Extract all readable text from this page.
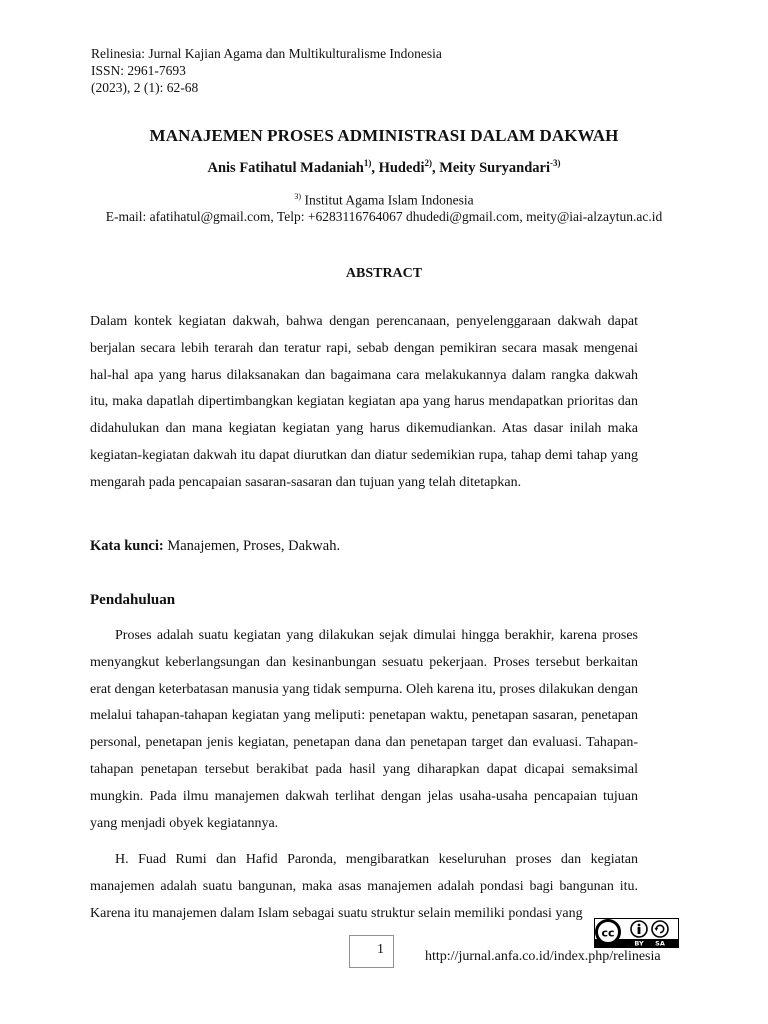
Relinesia: Jurnal Kajian Agama dan Multikulturalisme Indonesia
ISSN: 2961-7693
(2023), 2 (1): 62-68
MANAJEMEN PROSES ADMINISTRASI DALAM DAKWAH
Anis Fatihatul Madaniah$^{1)}$, Hudedi$^{2)}$, Meity Suryandari$^{-3)}$
$^{3)}$ Institut Agama Islam Indonesia
E-mail: afatihatul@gmail.com, Telp: +6283116764067 dhudedi@gmail.com, meity@iai-alzaytun.ac.id
ABSTRACT
Dalam kontek kegiatan dakwah, bahwa dengan perencanaan, penyelenggaraan dakwah dapat berjalan secara lebih terarah dan teratur rapi, sebab dengan pemikiran secara masak mengenai hal-hal apa yang harus dilaksanakan dan bagaimana cara melakukannya dalam rangka dakwah itu, maka dapatlah dipertimbangkan kegiatan kegiatan apa yang harus mendapatkan prioritas dan didahulukan dan mana kegiatan kegiatan yang harus dikemudiankan. Atas dasar inilah maka kegiatan-kegiatan dakwah itu dapat diurutkan dan diatur sedemikian rupa, tahap demi tahap yang mengarah pada pencapaian sasaran-sasaran dan tujuan yang telah ditetapkan.
Kata kunci: Manajemen, Proses, Dakwah.
Pendahuluan
Proses adalah suatu kegiatan yang dilakukan sejak dimulai hingga berakhir, karena proses menyangkut keberlangsungan dan kesinanbungan sesuatu pekerjaan. Proses tersebut berkaitan erat dengan keterbatasan manusia yang tidak sempurna. Oleh karena itu, proses dilakukan dengan melalui tahapan-tahapan kegiatan yang meliputi: penetapan waktu, penetapan sasaran, penetapan personal, penetapan jenis kegiatan, penetapan dana dan penetapan target dan evaluasi. Tahapan-tahapan penetapan tersebut berakibat pada hasil yang diharapkan dapat dicapai semaksimal mungkin. Pada ilmu manajemen dakwah terlihat dengan jelas usaha-usaha pencapaian tujuan yang menjadi obyek kegiatannya.
H. Fuad Rumi dan Hafid Paronda, mengibaratkan keseluruhan proses dan kegiatan manajemen adalah suatu bangunan, maka asas manajemen adalah pondasi bagi bangunan itu. Karena itu manajemen dalam Islam sebagai suatu struktur selain memiliki pondasi yang
1
cc
BY SA
http://jurnal.anfa.co.id/index.php/relinesia
